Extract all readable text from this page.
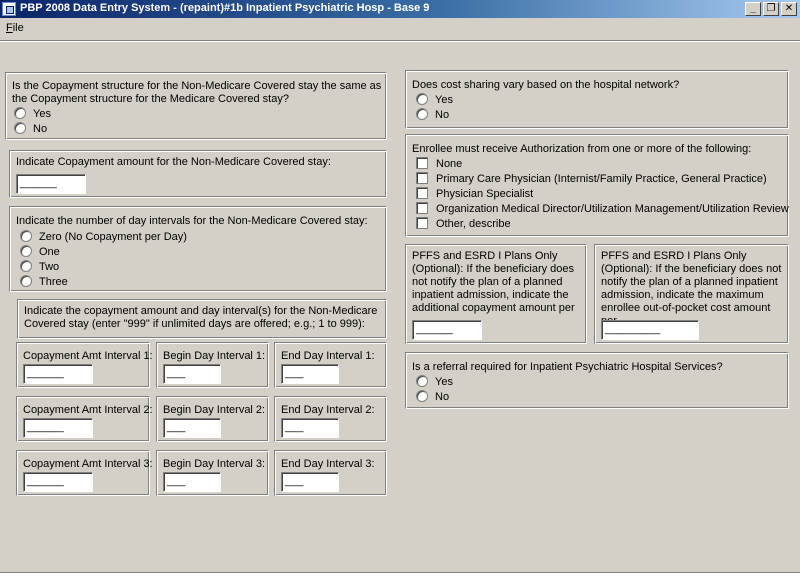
PBP 2008 Data Entry System - (repaint)#1b Inpatient Psychiatric Hosp - Base 9	_	❐ ✕
File
Is the Copayment structure for the Non-Medicare Covered stay the same as the Copayment structure for the Medicare Covered stay?
Yes
No
Indicate Copayment amount for the Non-Medicare Covered stay:
______
Indicate the number of day intervals for the Non-Medicare Covered stay:
Zero (No Copayment per Day)
One
Two
Three
Indicate the copayment amount and day interval(s) for the Non-Medicare Covered stay (enter "999" if unlimited days are offered; e.g.; 1 to 999):
Copayment Amt Interval 1:
______
Begin Day Interval 1:
___
End Day Interval 1:
___
Copayment Amt Interval 2:
______
Begin Day Interval 2:
___
End Day Interval 2:
___
Copayment Amt Interval 3:
______
Begin Day Interval 3:
___
End Day Interval 3:
___
Does cost sharing vary based on the hospital network?
Yes
No
Enrollee must receive Authorization from one or more of the following:
None
Primary Care Physician (Internist/Family Practice, General Practice)
Physician Specialist
Organization Medical Director/Utilization Management/Utilization Review
Other, describe
PFFS and ESRD I Plans Only (Optional): If the beneficiary does not notify the plan of a planned inpatient admission, indicate the additional copayment amount per
______
PFFS and ESRD I Plans Only (Optional): If the beneficiary does not notify the plan of a planned inpatient admission, indicate the maximum enrollee out-of-pocket cost amount
_________
Is a referral required for Inpatient Psychiatric Hospital Services?
Yes
No
